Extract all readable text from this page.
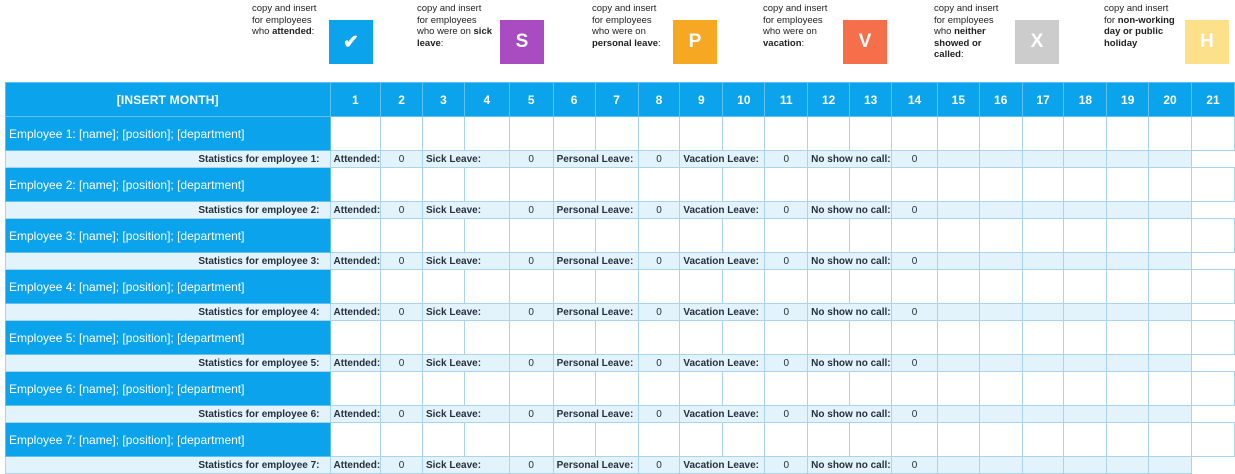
copy and insert
for employees
who attended:	✔
copy and insert
for employees
who were on sick
leave:	S
copy and insert
for employees
who were on
personal leave:	P
copy and insert
for employees
who were on
vacation:	V
copy and insert
for employees
who neither
showed or
called:
X
copy and insert
for non-working
day or public
holiday	H
[INSERT MONTH]	1	2	3	4	5	6	7	8	9	10	11	12	13	14	15	16	17	18	19	20	21
Employee 1: [name]; [position]; [department]																					
Statistics for employee 1:	Attended:	0	Sick Leave:		0	Personal Leave:		0	Vacation Leave:		0	No show no call:		0							
Employee 2: [name]; [position]; [department]																					
Statistics for employee 2:	Attended:	0	Sick Leave:		0	Personal Leave:		0	Vacation Leave:		0	No show no call:		0							
Employee 3: [name]; [position]; [department]																					
Statistics for employee 3:	Attended:	0	Sick Leave:		0	Personal Leave:		0	Vacation Leave:		0	No show no call:		0							
Employee 4: [name]; [position]; [department]																					
Statistics for employee 4:	Attended:	0	Sick Leave:		0	Personal Leave:		0	Vacation Leave:		0	No show no call:		0							
Employee 5: [name]; [position]; [department]																					
Statistics for employee 5:	Attended:	0	Sick Leave:		0	Personal Leave:		0	Vacation Leave:		0	No show no call:		0							
Employee 6: [name]; [position]; [department]																					
Statistics for employee 6:	Attended:	0	Sick Leave:		0	Personal Leave:		0	Vacation Leave:		0	No show no call:		0							
Employee 7: [name]; [position]; [department]																					
Statistics for employee 7:	Attended:	0	Sick Leave:		0	Personal Leave:		0	Vacation Leave:		0	No show no call:		0							
